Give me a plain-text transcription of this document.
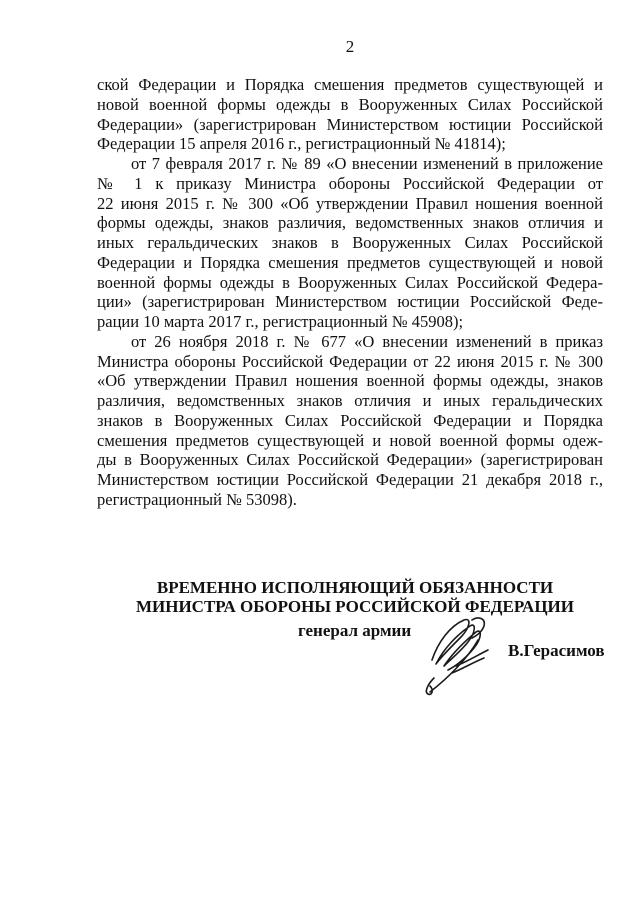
2
ской Федерации и Порядка смешения предметов существующей и
новой военной формы одежды в Вооруженных Силах Российской
Федерации» (зарегистрирован Министерством юстиции Российской
Федерации 15 апреля 2016 г., регистрационный № 41814);
от 7 февраля 2017 г. № 89 «О внесении изменений в приложение
№ 1 к приказу Министра обороны Российской Федерации от
22 июня 2015 г. № 300 «Об утверждении Правил ношения военной
формы одежды, знаков различия, ведомственных знаков отличия и
иных геральдических знаков в Вооруженных Силах Российской
Федерации и Порядка смешения предметов существующей и новой
военной формы одежды в Вооруженных Силах Российской Федера-
ции» (зарегистрирован Министерством юстиции Российской Феде-
рации 10 марта 2017 г., регистрационный № 45908);
от 26 ноября 2018 г. № 677 «О внесении изменений в приказ
Министра обороны Российской Федерации от 22 июня 2015 г. № 300
«Об утверждении Правил ношения военной формы одежды, знаков
различия, ведомственных знаков отличия и иных геральдических
знаков в Вооруженных Силах Российской Федерации и Порядка
смешения предметов существующей и новой военной формы одеж-
ды в Вооруженных Силах Российской Федерации» (зарегистрирован
Министерством юстиции Российской Федерации 21 декабря 2018 г.,
регистрационный № 53098).
ВРЕМЕННО ИСПОЛНЯЮЩИЙ ОБЯЗАННОСТИ
МИНИСТРА ОБОРОНЫ РОССИЙСКОЙ ФЕДЕРАЦИИ
генерал армии
В.Герасимов
